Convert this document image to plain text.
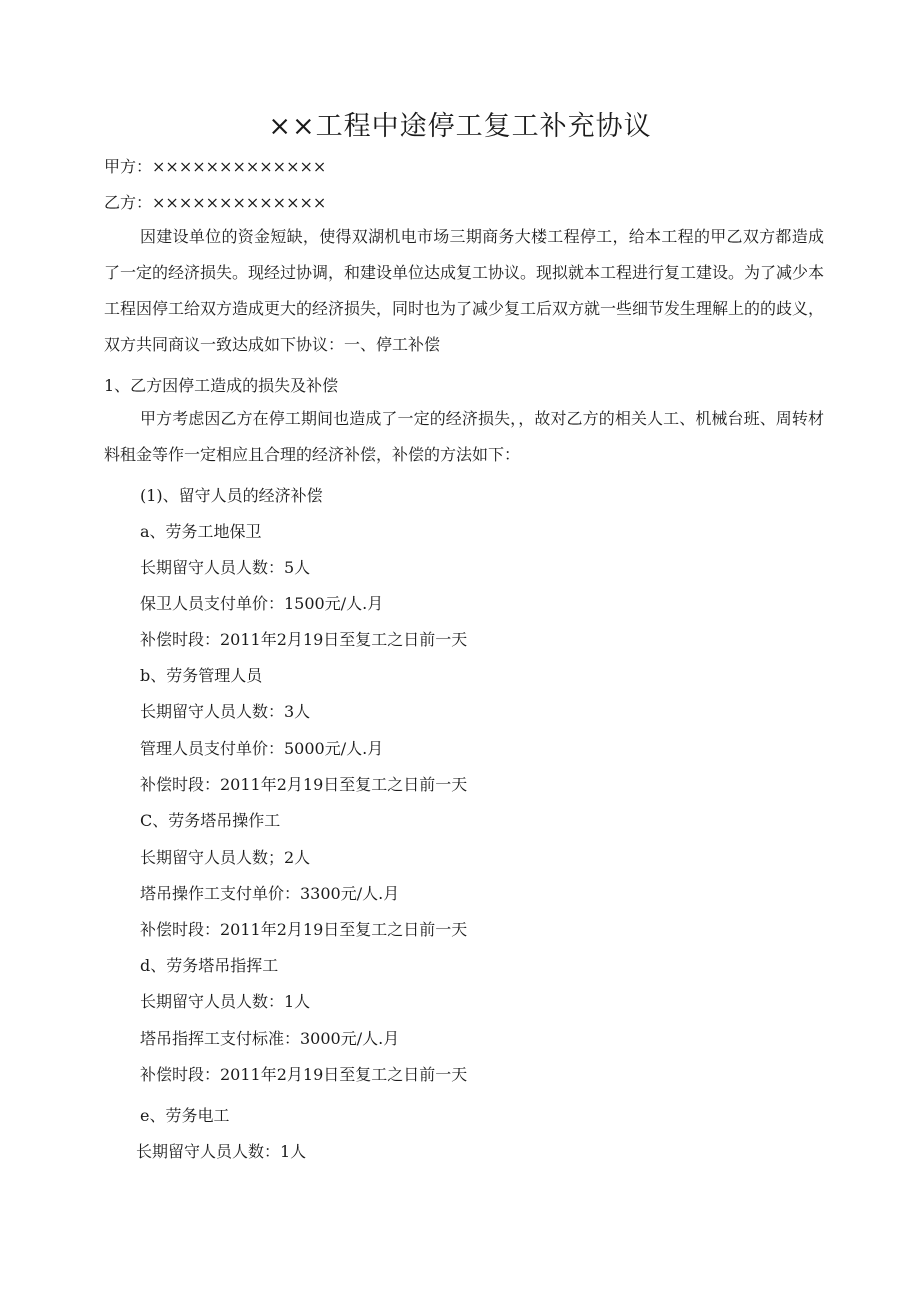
××工程中途停工复工补充协议
甲方：×××××××××××××
乙方：×××××××××××××

因建设单位的资金短缺，使得双湖机电市场三期商务大楼工程停工，给本工程的甲乙双方都造成了一定的经济损失。现经过协调，和建设单位达成复工协议。现拟就本工程进行复工建设。为了减少本工程因停工给双方造成更大的经济损失，同时也为了减少复工后双方就一些细节发生理解上的的歧义，双方共同商议一致达成如下协议：一、停工补偿

1、乙方因停工造成的损失及补偿

甲方考虑因乙方在停工期间也造成了一定的经济损失，，故对乙方的相关人工、机械台班、周转材料租金等作一定相应且合理的经济补偿，补偿的方法如下：

(1)、留守人员的经济补偿
a、劳务工地保卫
长期留守人员人数：5人
保卫人员支付单价：1500元/人.月
补偿时段：2011年2月19日至复工之日前一天
b、劳务管理人员
长期留守人员人数：3人
管理人员支付单价：5000元/人.月
补偿时段：2011年2月19日至复工之日前一天
C、劳务塔吊操作工
长期留守人员人数；2人
塔吊操作工支付单价：3300元/人.月
补偿时段：2011年2月19日至复工之日前一天
d、劳务塔吊指挥工
长期留守人员人数：1人
塔吊指挥工支付标准：3000元/人.月
补偿时段：2011年2月19日至复工之日前一天
e、劳务电工
长期留守人员人数：1人
